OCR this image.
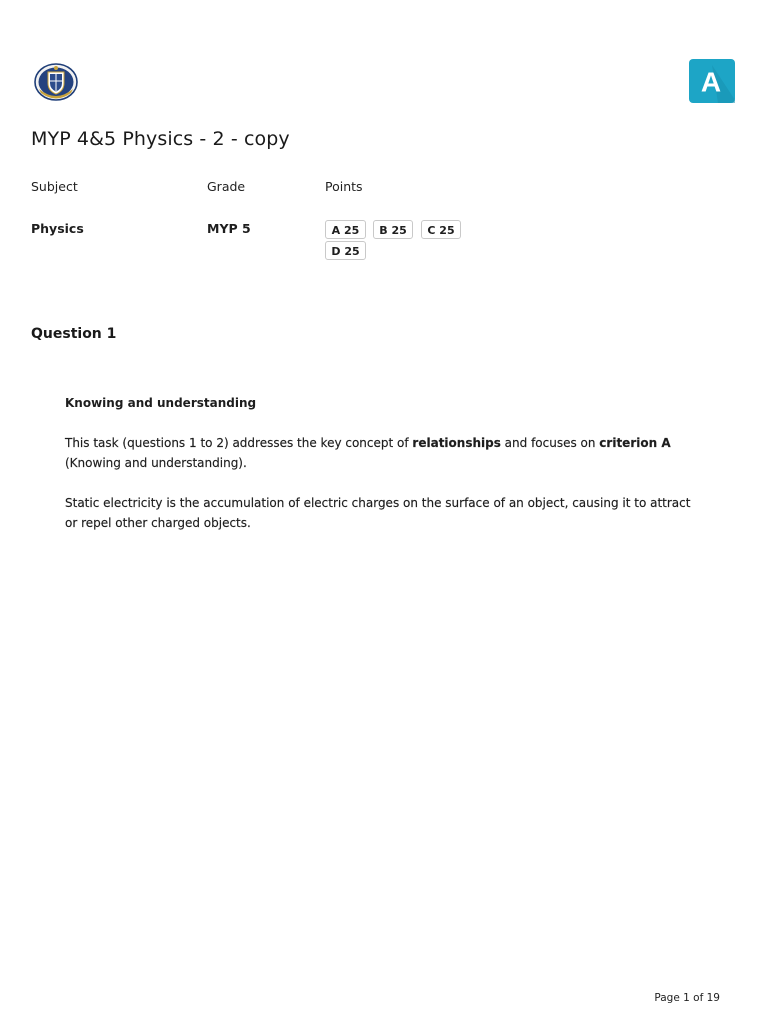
A
MYP 4&5 Physics - 2 - copy
Subject	Grade	Points
Physics	MYP 5	A 25	B 25	C 25
D 25
Question 1
Knowing and understanding

This task (questions 1 to 2) addresses the key concept of relationships and focuses on criterion A (Knowing and understanding).

Static electricity is the accumulation of electric charges on the surface of an object, causing it to attract or repel other charged objects.

Page 1 of 19
